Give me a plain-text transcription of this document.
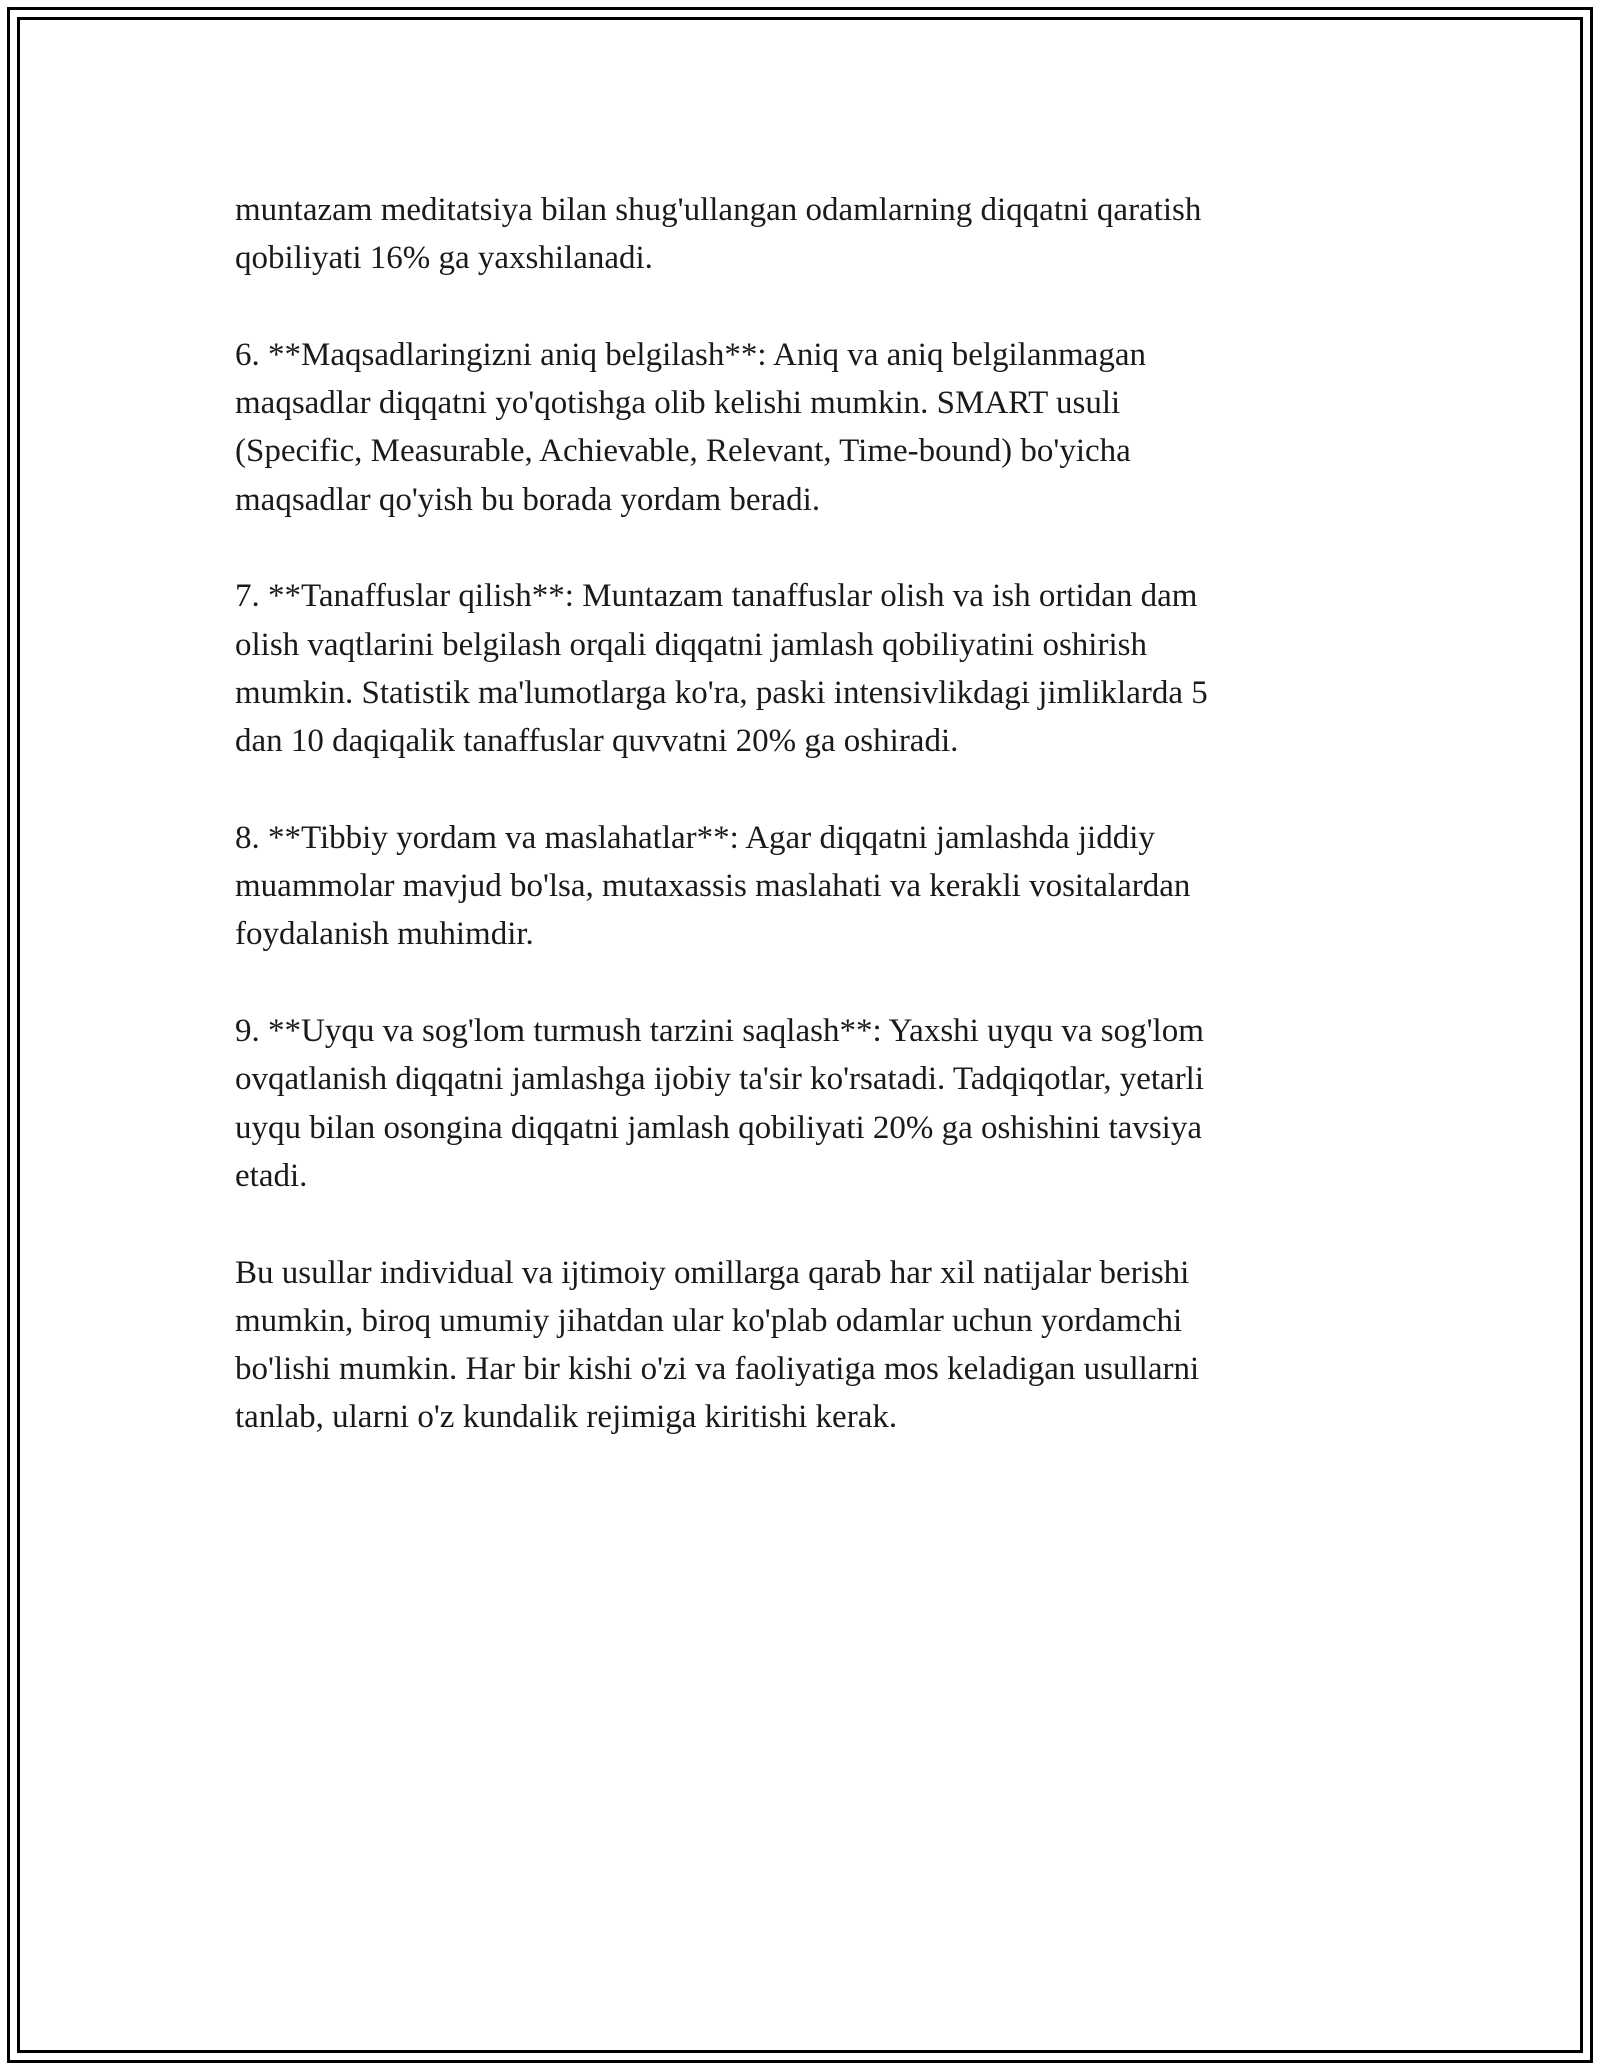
muntazam meditatsiya bilan shug'ullangan odamlarning diqqatni qaratish
qobiliyati 16% ga yaxshilanadi.

6. **Maqsadlaringizni aniq belgilash**: Aniq va aniq belgilanmagan
maqsadlar diqqatni yo'qotishga olib kelishi mumkin. SMART usuli
(Specific, Measurable, Achievable, Relevant, Time-bound) bo'yicha
maqsadlar qo'yish bu borada yordam beradi.

7. **Tanaffuslar qilish**: Muntazam tanaffuslar olish va ish ortidan dam
olish vaqtlarini belgilash orqali diqqatni jamlash qobiliyatini oshirish
mumkin. Statistik ma'lumotlarga ko'ra, paski intensivlikdagi jimliklarda 5
dan 10 daqiqalik tanaffuslar quvvatni 20% ga oshiradi.

8. **Tibbiy yordam va maslahatlar**: Agar diqqatni jamlashda jiddiy
muammolar mavjud bo'lsa, mutaxassis maslahati va kerakli vositalardan
foydalanish muhimdir.

9. **Uyqu va sog'lom turmush tarzini saqlash**: Yaxshi uyqu va sog'lom
ovqatlanish diqqatni jamlashga ijobiy ta'sir ko'rsatadi. Tadqiqotlar, yetarli
uyqu bilan osongina diqqatni jamlash qobiliyati 20% ga oshishini tavsiya
etadi.

Bu usullar individual va ijtimoiy omillarga qarab har xil natijalar berishi
mumkin, biroq umumiy jihatdan ular ko'plab odamlar uchun yordamchi
bo'lishi mumkin. Har bir kishi o'zi va faoliyatiga mos keladigan usullarni
tanlab, ularni o'z kundalik rejimiga kiritishi kerak.
